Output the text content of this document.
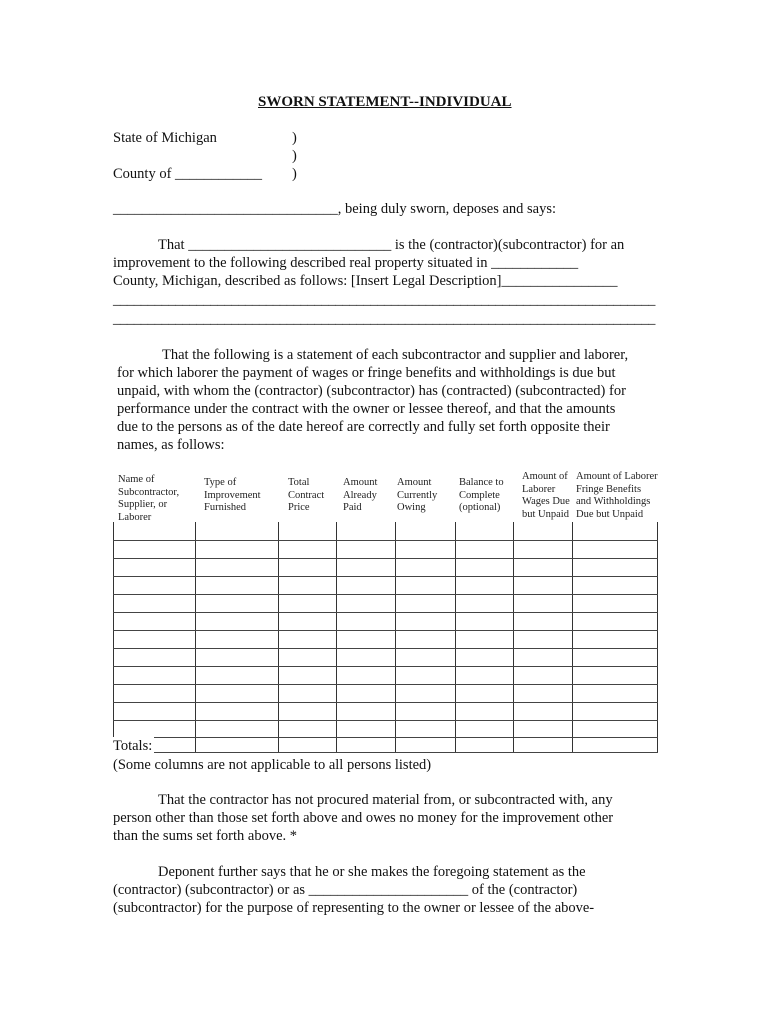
SWORN STATEMENT--INDIVIDUAL
State of Michigan
County of ____________
)
)
)
_______________________________, being duly sworn, deposes and says:
That ____________________________ is the (contractor)(subcontractor) for an
improvement to the following described real property situated in ____________
County, Michigan, described as follows: [Insert Legal Description]________________
______________________________________________________________________________
______________________________________________________________________________
That the following is a statement of each subcontractor and supplier and laborer,
for which laborer the payment of wages or fringe benefits and withholdings is due but
unpaid, with whom the (contractor) (subcontractor) has (contracted) (subcontracted) for
performance under the contract with the owner or lessee thereof, and that the amounts
due to the persons as of the date hereof are correctly and fully set forth opposite their
names, as follows:
Name of
Subcontractor,
Supplier, or
Laborer
Type of
Improvement
Furnished
Total
Contract
Price
Amount
Already
Paid
Amount
Currently
Owing
Balance to
Complete
(optional)
Amount of
Laborer
Wages Due
but Unpaid
Amount of Laborer
Fringe Benefits
and Withholdings
Due but Unpaid
Totals:
(Some columns are not applicable to all persons listed)
That the contractor has not procured material from, or subcontracted with, any
person other than those set forth above and owes no money for the improvement other
than the sums set forth above. *
Deponent further says that he or she makes the foregoing statement as the
(contractor) (subcontractor) or as ______________________ of the (contractor)
(subcontractor) for the purpose of representing to the owner or lessee of the above-
